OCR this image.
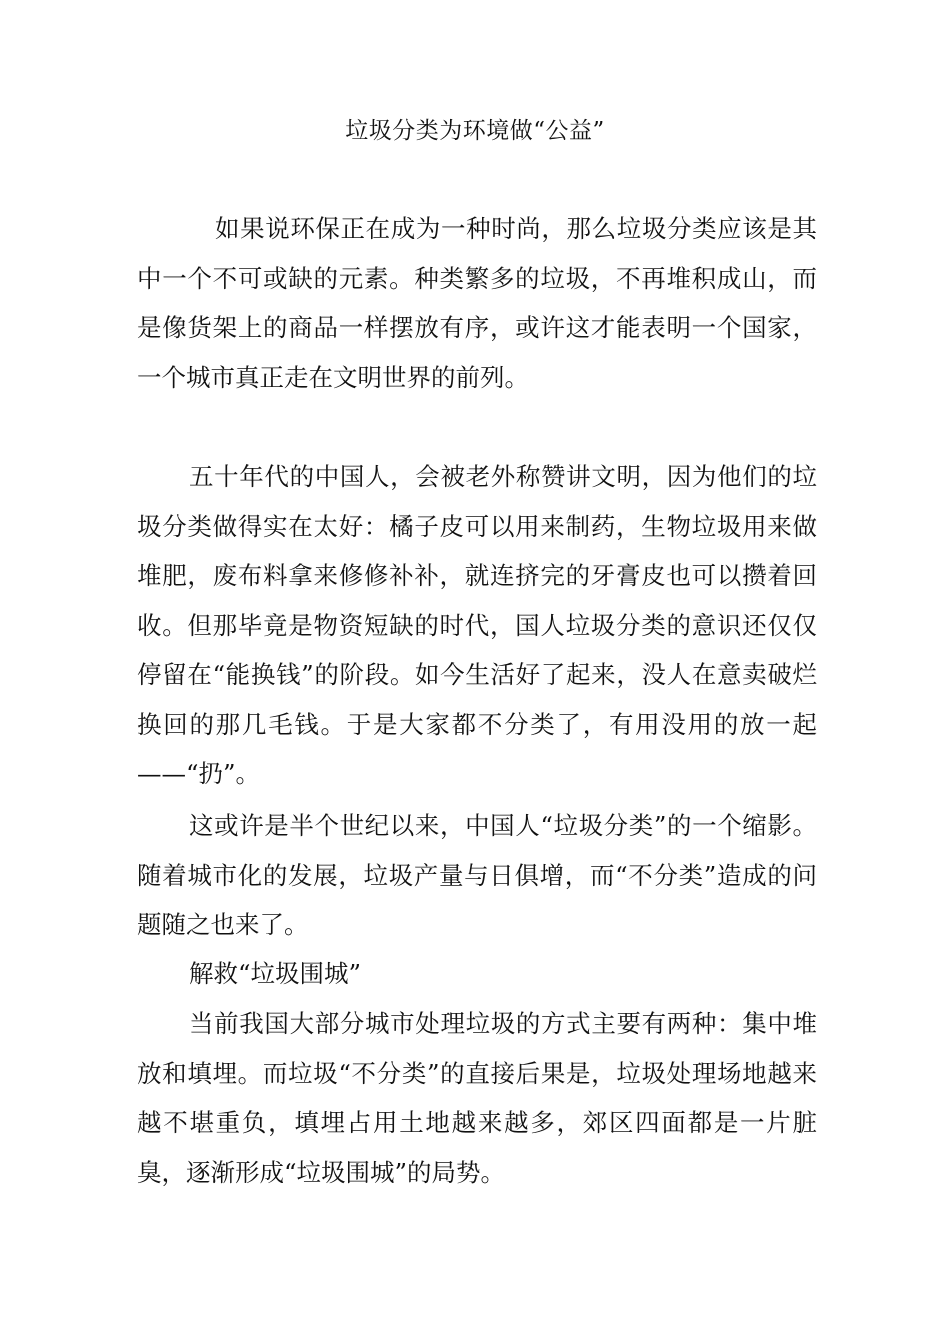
垃圾分类为环境做“公益”

如果说环保正在成为一种时尚，那么垃圾分类应该是其中一个不可或缺的元素。种类繁多的垃圾，不再堆积成山，而是像货架上的商品一样摆放有序，或许这才能表明一个国家，一个城市真正走在文明世界的前列。

五十年代的中国人，会被老外称赞讲文明，因为他们的垃圾分类做得实在太好：橘子皮可以用来制药，生物垃圾用来做堆肥，废布料拿来修修补补，就连挤完的牙膏皮也可以攒着回收。但那毕竟是物资短缺的时代，国人垃圾分类的意识还仅仅停留在“能换钱”的阶段。如今生活好了起来，没人在意卖破烂换回的那几毛钱。于是大家都不分类了，有用没用的放一起——“扔”。

这或许是半个世纪以来，中国人“垃圾分类”的一个缩影。随着城市化的发展，垃圾产量与日俱增，而“不分类”造成的问题随之也来了。

解救“垃圾围城”

当前我国大部分城市处理垃圾的方式主要有两种：集中堆放和填埋。而垃圾“不分类”的直接后果是，垃圾处理场地越来越不堪重负，填埋占用土地越来越多，郊区四面都是一片脏臭，逐渐形成“垃圾围城”的局势。
